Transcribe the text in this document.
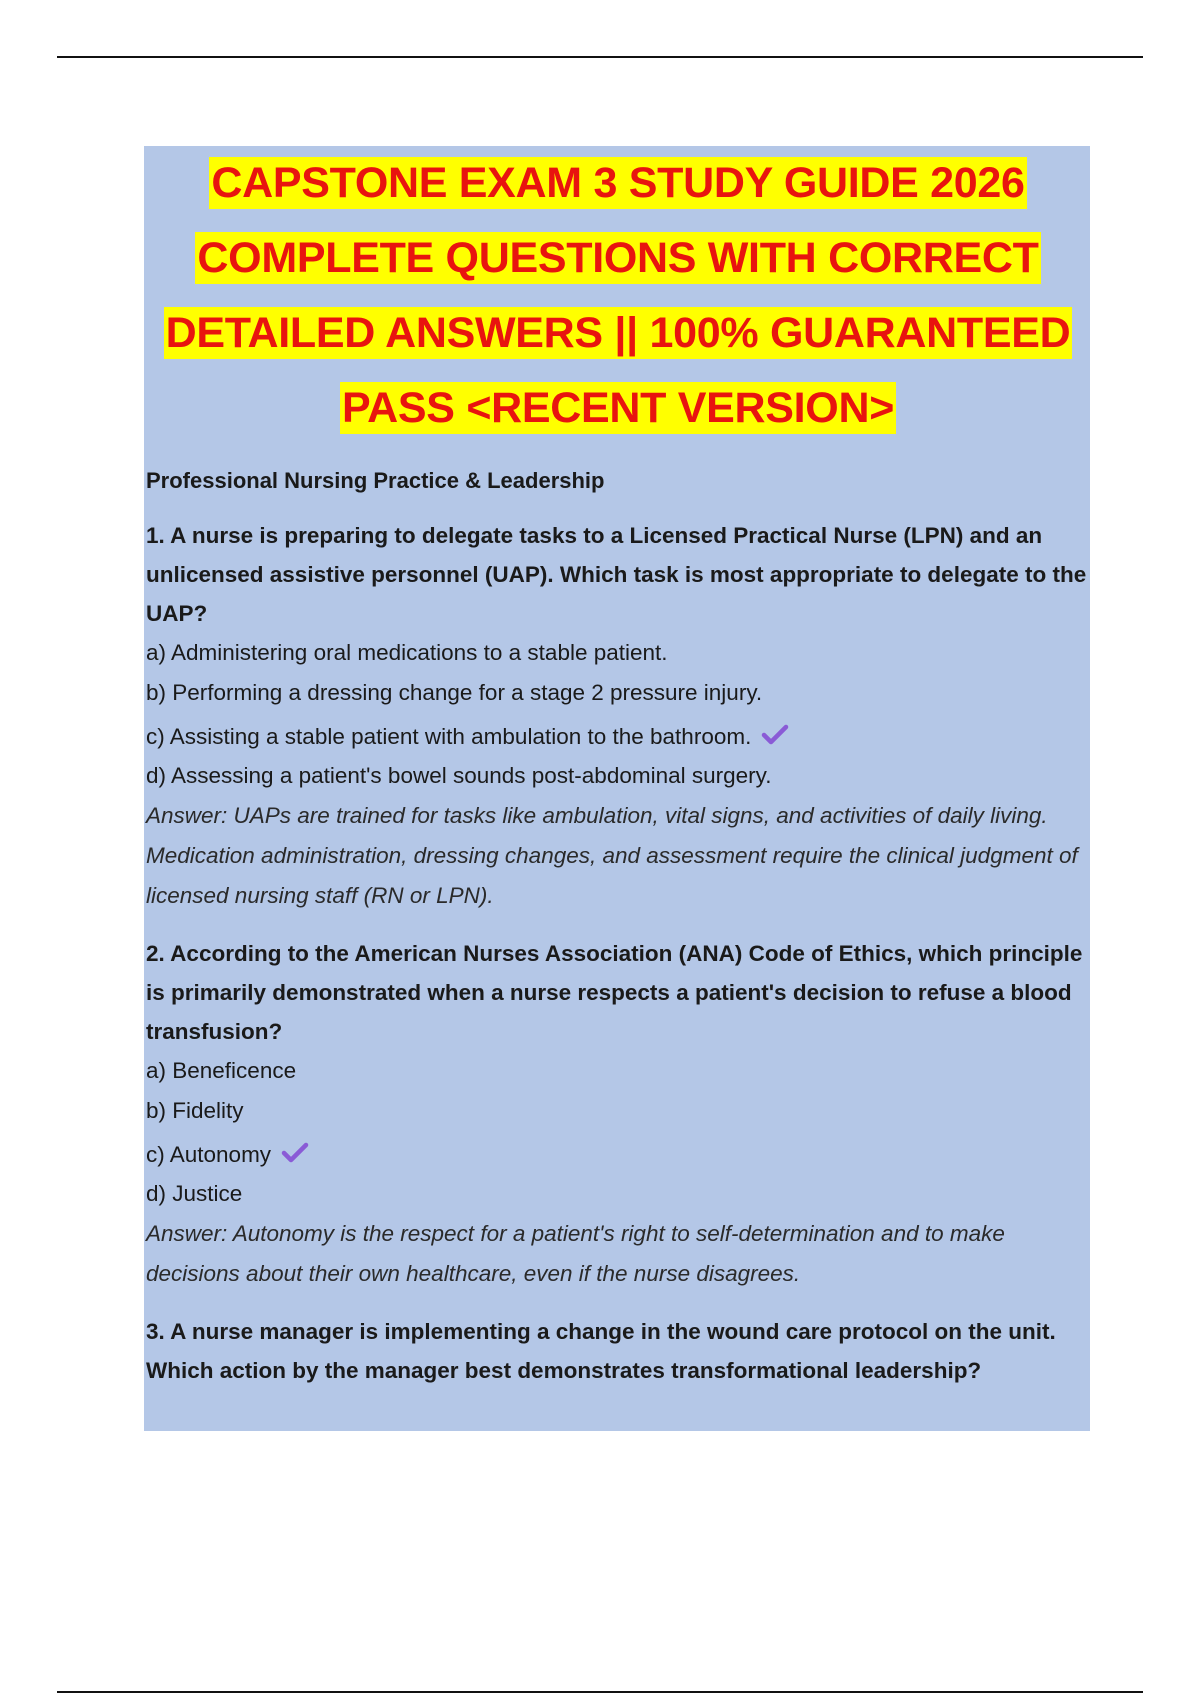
CAPSTONE EXAM 3 STUDY GUIDE 2026
COMPLETE QUESTIONS WITH CORRECT
DETAILED ANSWERS || 100% GUARANTEED
PASS <RECENT VERSION>
Professional Nursing Practice & Leadership
1. A nurse is preparing to delegate tasks to a Licensed Practical Nurse (LPN) and an unlicensed assistive personnel (UAP). Which task is most appropriate to delegate to the UAP?
a) Administering oral medications to a stable patient.
b) Performing a dressing change for a stage 2 pressure injury.
c) Assisting a stable patient with ambulation to the bathroom.
d) Assessing a patient's bowel sounds post-abdominal surgery.
Answer: UAPs are trained for tasks like ambulation, vital signs, and activities of daily living. Medication administration, dressing changes, and assessment require the clinical judgment of licensed nursing staff (RN or LPN).
2. According to the American Nurses Association (ANA) Code of Ethics, which principle is primarily demonstrated when a nurse respects a patient's decision to refuse a blood transfusion?
a) Beneficence
b) Fidelity
c) Autonomy
d) Justice
Answer: Autonomy is the respect for a patient's right to self-determination and to make decisions about their own healthcare, even if the nurse disagrees.
3. A nurse manager is implementing a change in the wound care protocol on the unit. Which action by the manager best demonstrates transformational leadership?
